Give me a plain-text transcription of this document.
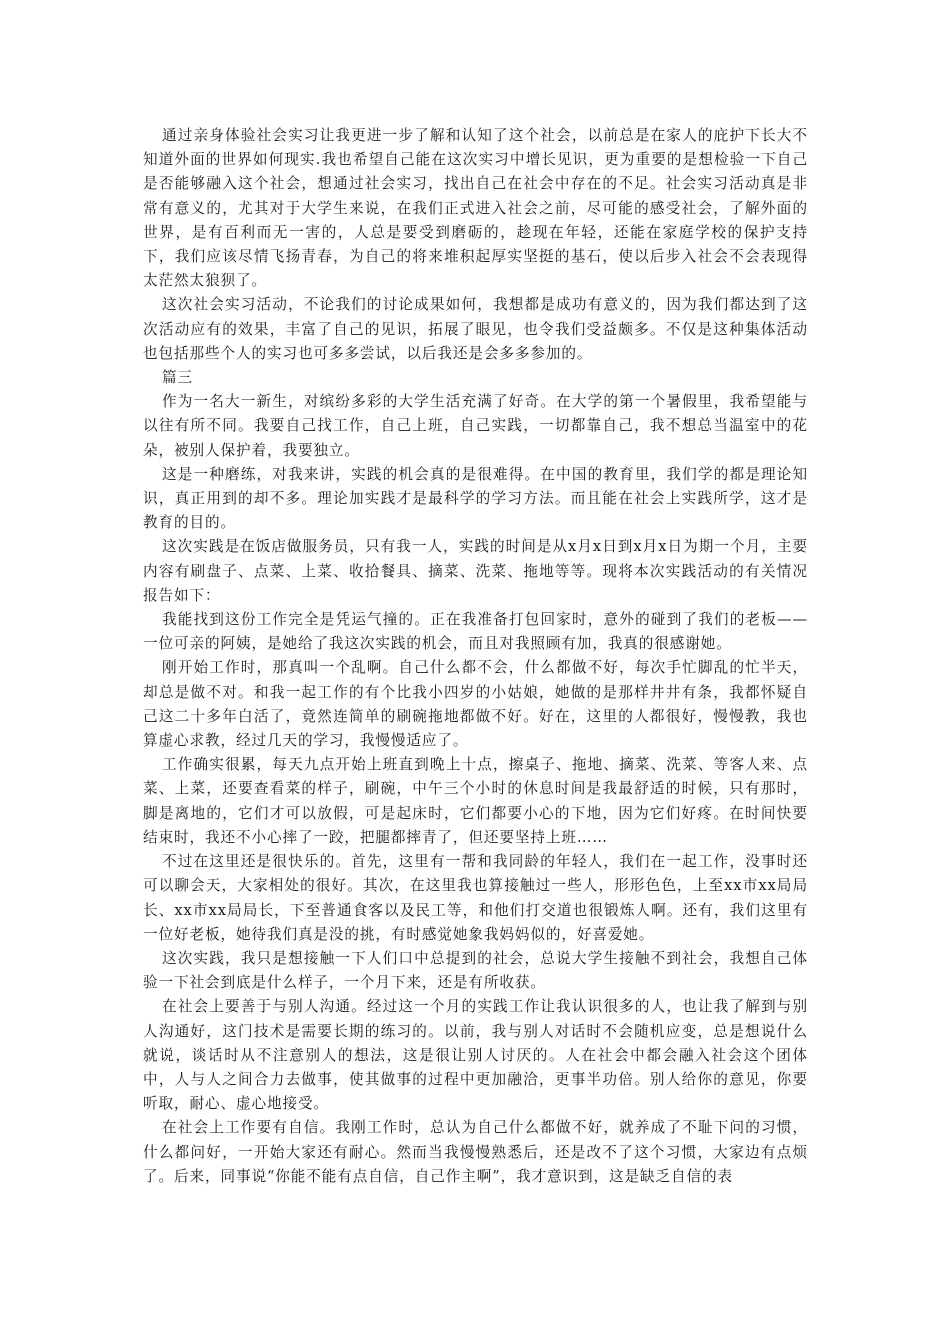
通过亲身体验社会实习让我更进一步了解和认知了这个社会，以前总是在家人的庇护下长大不知道外面的世界如何现实.我也希望自己能在这次实习中增长见识，更为重要的是想检验一下自己是否能够融入这个社会，想通过社会实习，找出自己在社会中存在的不足。社会实习活动真是非常有意义的，尤其对于大学生来说，在我们正式进入社会之前，尽可能的感受社会，了解外面的世界，是有百利而无一害的，人总是要受到磨砺的，趁现在年轻，还能在家庭学校的保护支持下，我们应该尽情飞扬青春，为自己的将来堆积起厚实坚挺的基石，使以后步入社会不会表现得太茫然太狼狈了。

这次社会实习活动，不论我们的讨论成果如何，我想都是成功有意义的，因为我们都达到了这次活动应有的效果，丰富了自己的见识，拓展了眼见，也令我们受益颇多。不仅是这种集体活动也包括那些个人的实习也可多多尝试，以后我还是会多多参加的。

篇三

作为一名大一新生，对缤纷多彩的大学生活充满了好奇。在大学的第一个暑假里，我希望能与以往有所不同。我要自己找工作，自己上班，自己实践，一切都靠自己，我不想总当温室中的花朵，被别人保护着，我要独立。

这是一种磨练，对我来讲，实践的机会真的是很难得。在中国的教育里，我们学的都是理论知识，真正用到的却不多。理论加实践才是最科学的学习方法。而且能在社会上实践所学，这才是教育的目的。

这次实践是在饭店做服务员，只有我一人，实践的时间是从x月x日到x月x日为期一个月，主要内容有刷盘子、点菜、上菜、收拾餐具、摘菜、洗菜、拖地等等。现将本次实践活动的有关情况报告如下：

我能找到这份工作完全是凭运气撞的。正在我准备打包回家时，意外的碰到了我们的老板——一位可亲的阿姨，是她给了我这次实践的机会，而且对我照顾有加，我真的很感谢她。

刚开始工作时，那真叫一个乱啊。自己什么都不会，什么都做不好，每次手忙脚乱的忙半天，却总是做不对。和我一起工作的有个比我小四岁的小姑娘，她做的是那样井井有条，我都怀疑自己这二十多年白活了，竟然连简单的刷碗拖地都做不好。好在，这里的人都很好，慢慢教，我也算虚心求教，经过几天的学习，我慢慢适应了。

工作确实很累，每天九点开始上班直到晚上十点，擦桌子、拖地、摘菜、洗菜、等客人来、点菜、上菜，还要查看菜的样子，刷碗，中午三个小时的休息时间是我最舒适的时候，只有那时，脚是离地的，它们才可以放假，可是起床时，它们都要小心的下地，因为它们好疼。在时间快要结束时，我还不小心摔了一跤，把腿都摔青了，但还要坚持上班……

不过在这里还是很快乐的。首先，这里有一帮和我同龄的年轻人，我们在一起工作，没事时还可以聊会天，大家相处的很好。其次，在这里我也算接触过一些人，形形色色，上至xx市xx局局长、xx市xx局局长，下至普通食客以及民工等，和他们打交道也很锻炼人啊。还有，我们这里有一位好老板，她待我们真是没的挑，有时感觉她象我妈妈似的，好喜爱她。

这次实践，我只是想接触一下人们口中总提到的社会，总说大学生接触不到社会，我想自己体验一下社会到底是什么样子，一个月下来，还是有所收获。

在社会上要善于与别人沟通。经过这一个月的实践工作让我认识很多的人，也让我了解到与别人沟通好，这门技术是需要长期的练习的。以前，我与别人对话时不会随机应变，总是想说什么就说，谈话时从不注意别人的想法，这是很让别人讨厌的。人在社会中都会融入社会这个团体中，人与人之间合力去做事，使其做事的过程中更加融洽，更事半功倍。别人给你的意见，你要听取，耐心、虚心地接受。

在社会上工作要有自信。我刚工作时，总认为自己什么都做不好，就养成了不耻下问的习惯，什么都问好，一开始大家还有耐心。然而当我慢慢熟悉后，还是改不了这个习惯，大家边有点烦了。后来，同事说“你能不能有点自信，自己作主啊”，我才意识到，这是缺乏自信的表
